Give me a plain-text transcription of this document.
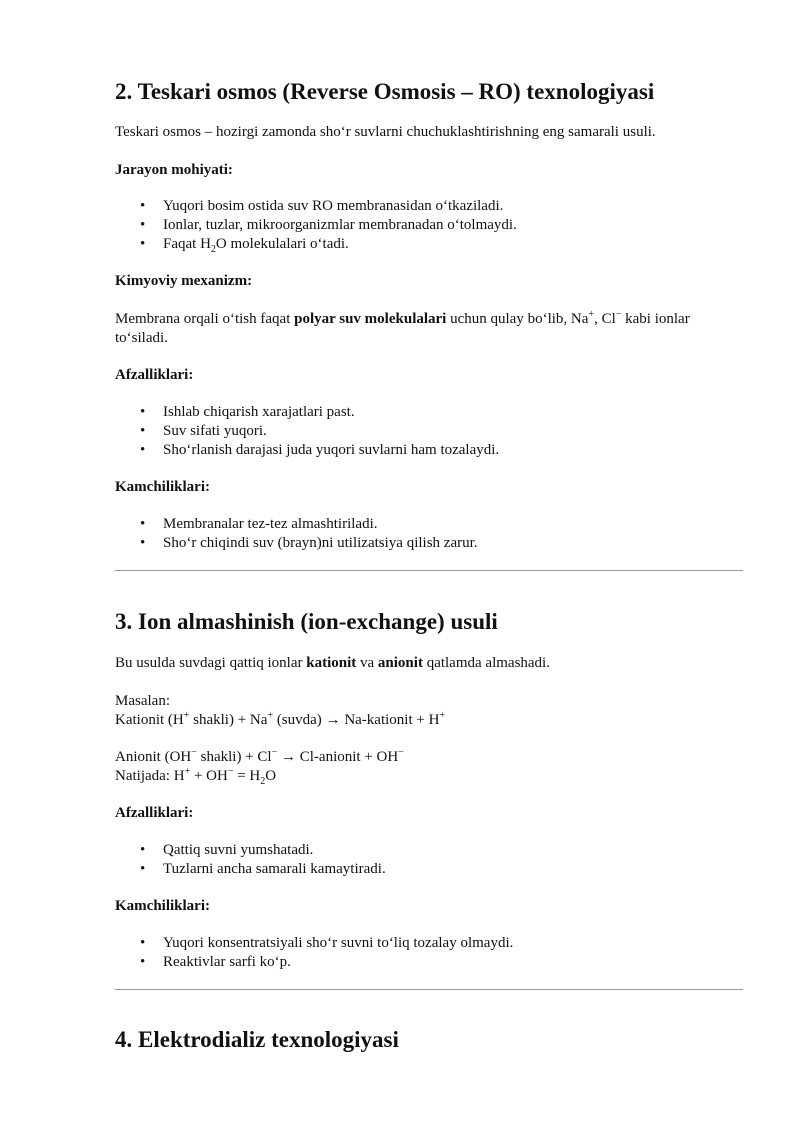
2. Teskari osmos (Reverse Osmosis – RO) texnologiyasi

Teskari osmos – hozirgi zamonda sho‘r suvlarni chuchuklashtirishning eng samarali usuli.

Jarayon mohiyati:

• Yuqori bosim ostida suv RO membranasidan o‘tkaziladi.
• Ionlar, tuzlar, mikroorganizmlar membranadan o‘tolmaydi.
• Faqat $H_2O$ molekulalari o‘tadi.

Kimyoviy mexanizm:

Membrana orqali o‘tish faqat polyar suv molekulalari uchun qulay bo‘lib, Na+, Cl− kabi ionlar
to‘siladi.

Afzalliklari:

• Ishlab chiqarish xarajatlari past.
• Suv sifati yuqori.
• Sho‘rlanish darajasi juda yuqori suvlarni ham tozalaydi.

Kamchiliklari:

• Membranalar tez-tez almashtiriladi.
• Sho‘r chiqindi suv (brayn)ni utilizatsiya qilish zarur.
3. Ion almashinish (ion-exchange) usuli

Bu usulda suvdagi qattiq ionlar kationit va anionit qatlamda almashadi.

Masalan:
Kationit (H+ shakli) + Na+ (suvda) → Na-kationit + H+

Anionit (OH− shakli) + Cl− → Cl-anionit + OH−
Natijada: $H^+ + OH^- = H_2O$

Afzalliklari:

• Qattiq suvni yumshatadi.
• Tuzlarni ancha samarali kamaytiradi.

Kamchiliklari:

• Yuqori konsentratsiyali sho‘r suvni to‘liq tozalay olmaydi.
• Reaktivlar sarfi ko‘p.
4. Elektrodializ texnologiyasi
